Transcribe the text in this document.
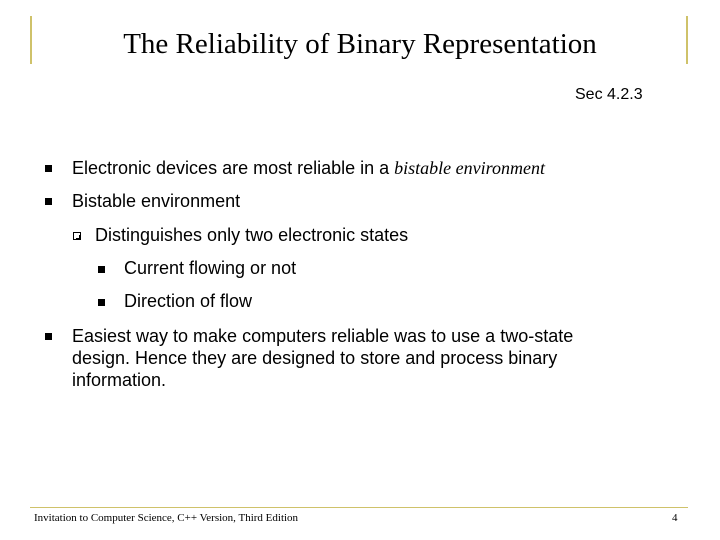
The Reliability of Binary Representation
Sec 4.2.3
Electronic devices are most reliable in a bistable environment
Bistable environment
Distinguishes only two electronic states
Current flowing or not
Direction of flow
Easiest way to make computers reliable was to use a two-state
design. Hence they are designed to store and process binary
information.
Invitation to Computer Science, C++ Version, Third Edition	4
